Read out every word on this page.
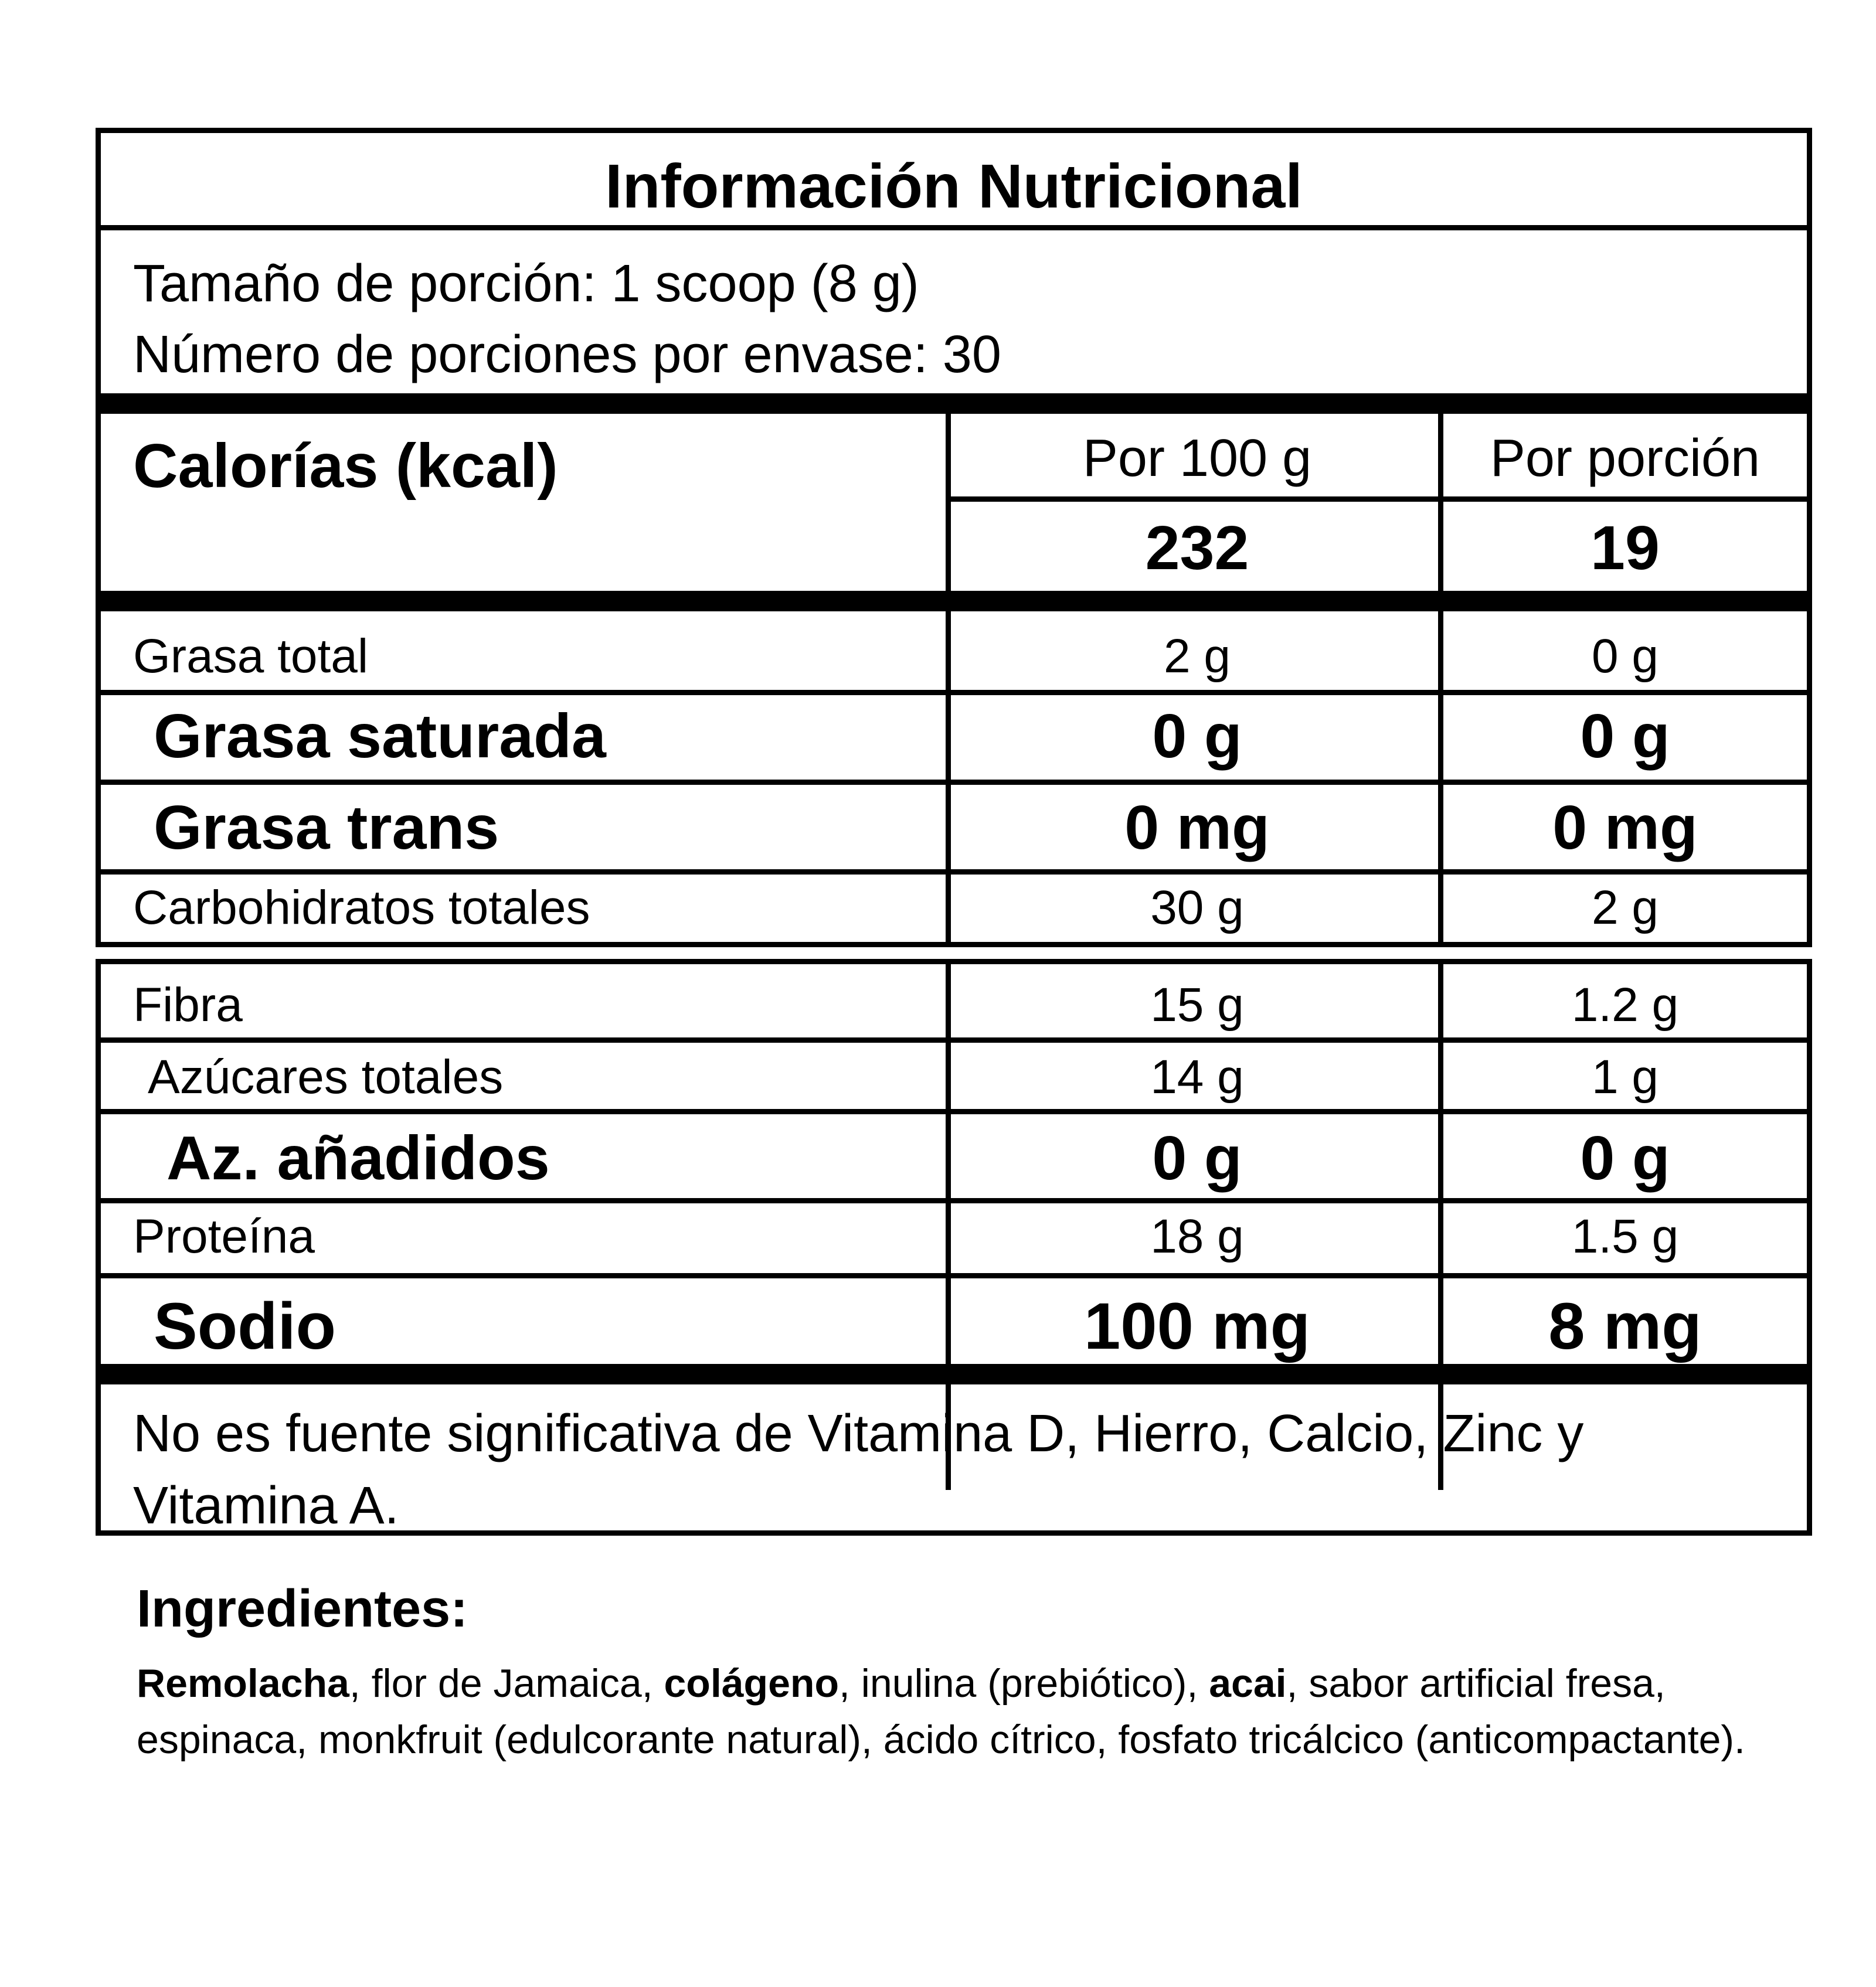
Información Nutricional
Tamaño de porción: 1 scoop (8 g)
Número de porciones por envase: 30
Calorías (kcal)	Por 100 g	Por porción
232	19
Grasa total	2 g	0 g
Grasa saturada	0 g	0 g
Grasa trans	0 mg	0 mg
Carbohidratos totales	30 g	2 g
Fibra	15 g	1.2 g
Azúcares totales	14 g	1 g
Az. añadidos	0 g	0 g
Proteína	18 g	1.5 g
Sodio	100 mg	8 mg
No es fuente significativa de Vitamina D, Hierro, Calcio, Zinc y Vitamina A.
Ingredientes:
Remolacha, flor de Jamaica, colágeno, inulina (prebiótico), acai, sabor artificial fresa, espinaca, monkfruit (edulcorante natural), ácido cítrico, fosfato tricálcico (anticompactante).
